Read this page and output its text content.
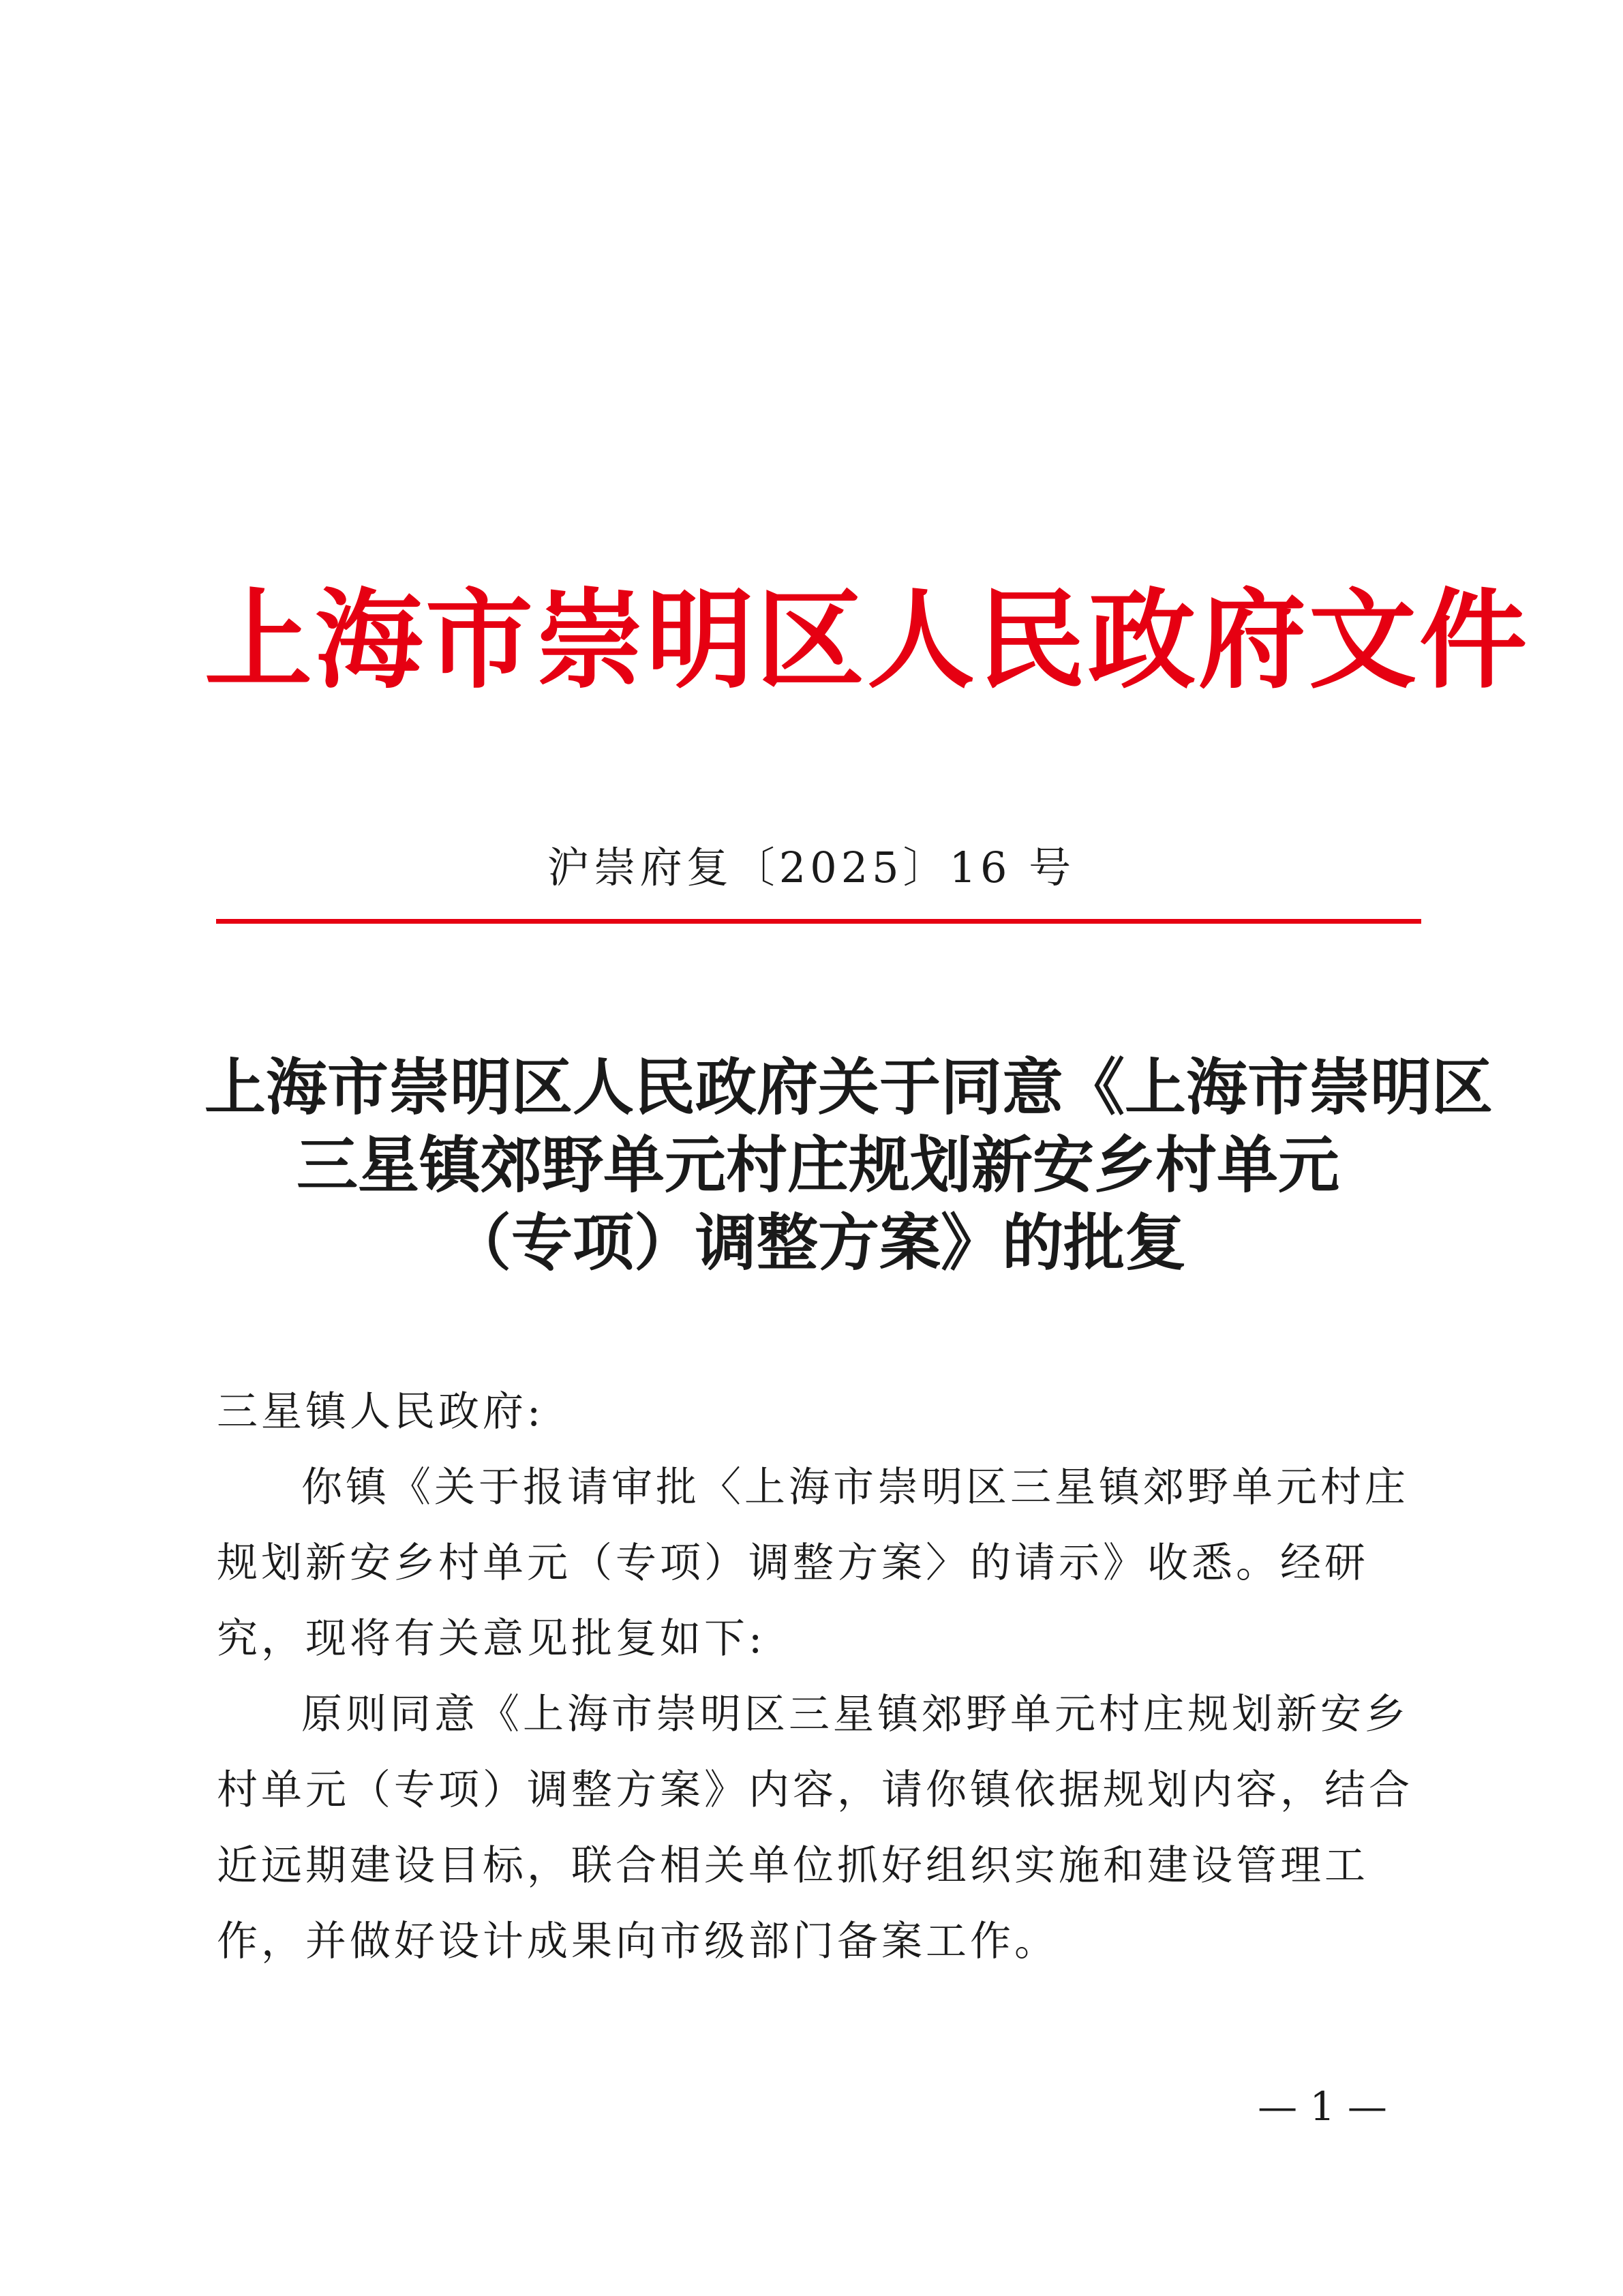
上海市崇明区人民政府文件
沪崇府复〔2025〕16 号
上海市崇明区人民政府关于同意《上海市崇明区
三星镇郊野单元村庄规划新安乡村单元
（专项）调整方案》的批复

三星镇人民政府:

你镇《关于报请审批〈上海市崇明区三星镇郊野单元村庄规划新安乡村单元（专项）调整方案〉的请示》收悉。经研究，现将有关意见批复如下:

原则同意《上海市崇明区三星镇郊野单元村庄规划新安乡村单元（专项）调整方案》内容，请你镇依据规划内容，结合近远期建设目标，联合相关单位抓好组织实施和建设管理工作，并做好设计成果向市级部门备案工作。

— 1 —
